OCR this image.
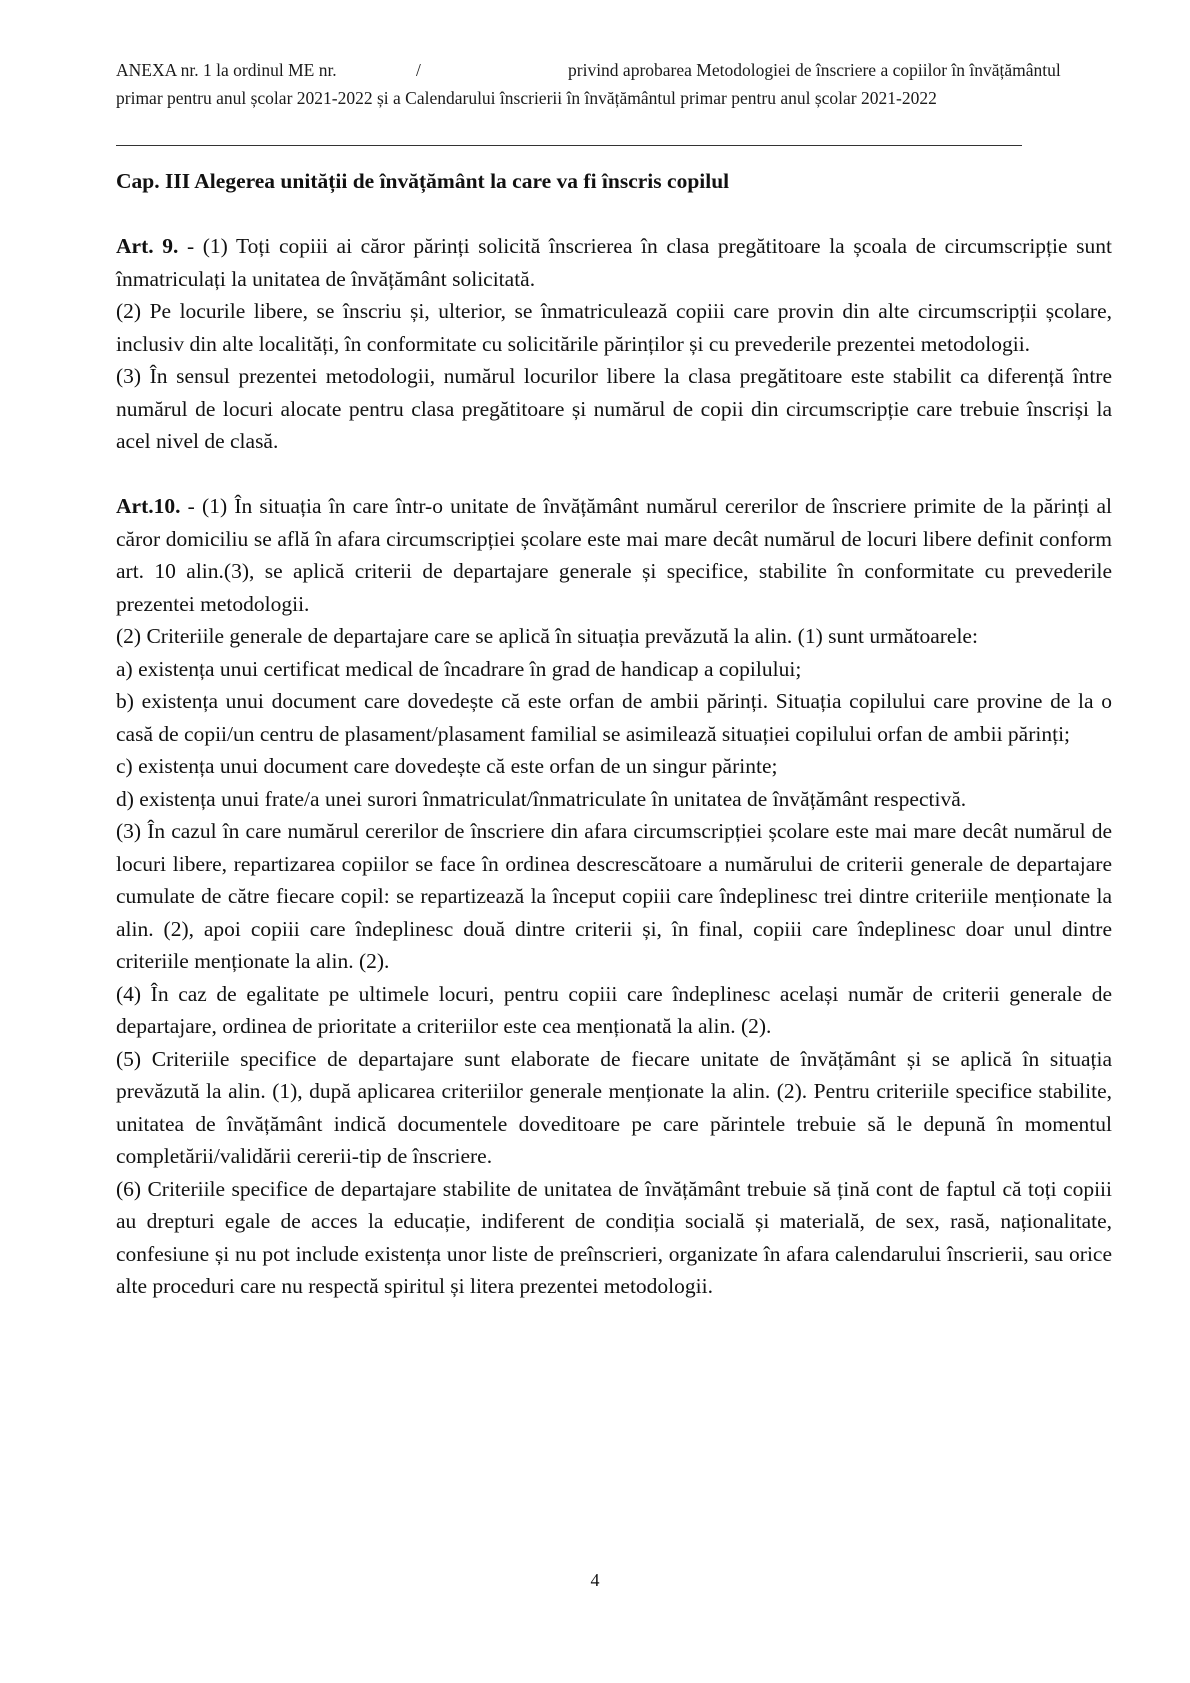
ANEXA nr. 1 la ordinul ME nr.	/	privind aprobarea Metodologiei de înscriere a copiilor în învățământul
primar pentru anul școlar 2021-2022 și a Calendarului înscrierii în învățământul primar pentru anul școlar 2021-2022

Cap. III Alegerea unității de învățământ la care va fi înscris copilul

Art. 9. - (1) Toți copiii ai căror părinți solicită înscrierea în clasa pregătitoare la școala de circumscripție sunt înmatriculați la unitatea de învățământ solicitată.

(2) Pe locurile libere, se înscriu și, ulterior, se înmatriculează copiii care provin din alte circumscripții școlare, inclusiv din alte localități, în conformitate cu solicitările părinților și cu prevederile prezentei metodologii.

(3) În sensul prezentei metodologii, numărul locurilor libere la clasa pregătitoare este stabilit ca diferență între numărul de locuri alocate pentru clasa pregătitoare și numărul de copii din circumscripție care trebuie înscriși la acel nivel de clasă.

Art.10. - (1) În situația în care într-o unitate de învățământ numărul cererilor de înscriere primite de la părinți al căror domiciliu se află în afara circumscripției școlare este mai mare decât numărul de locuri libere definit conform art. 10 alin.(3), se aplică criterii de departajare generale și specifice, stabilite în conformitate cu prevederile prezentei metodologii.

(2) Criteriile generale de departajare care se aplică în situația prevăzută la alin. (1) sunt următoarele:

a) existența unui certificat medical de încadrare în grad de handicap a copilului;

b) existența unui document care dovedește că este orfan de ambii părinți. Situația copilului care provine de la o casă de copii/un centru de plasament/plasament familial se asimilează situației copilului orfan de ambii părinți;

c) existența unui document care dovedește că este orfan de un singur părinte;

d) existența unui frate/a unei surori înmatriculat/înmatriculate în unitatea de învățământ respectivă.

(3) În cazul în care numărul cererilor de înscriere din afara circumscripției școlare este mai mare decât numărul de locuri libere, repartizarea copiilor se face în ordinea descrescătoare a numărului de criterii generale de departajare cumulate de către fiecare copil: se repartizează la început copiii care îndeplinesc trei dintre criteriile menționate la alin. (2), apoi copiii care îndeplinesc două dintre criterii și, în final, copiii care îndeplinesc doar unul dintre criteriile menționate la alin. (2).

(4) În caz de egalitate pe ultimele locuri, pentru copiii care îndeplinesc același număr de criterii generale de departajare, ordinea de prioritate a criteriilor este cea menționată la alin. (2).

(5) Criteriile specifice de departajare sunt elaborate de fiecare unitate de învățământ și se aplică în situația prevăzută la alin. (1), după aplicarea criteriilor generale menționate la alin. (2). Pentru criteriile specifice stabilite, unitatea de învățământ indică documentele doveditoare pe care părintele trebuie să le depună în momentul completării/validării cererii-tip de înscriere.

(6) Criteriile specifice de departajare stabilite de unitatea de învățământ trebuie să țină cont de faptul că toți copiii au drepturi egale de acces la educație, indiferent de condiția socială și materială, de sex, rasă, naționalitate, confesiune și nu pot include existența unor liste de preînscrieri, organizate în afara calendarului înscrierii, sau orice alte proceduri care nu respectă spiritul și litera prezentei metodologii.

4
